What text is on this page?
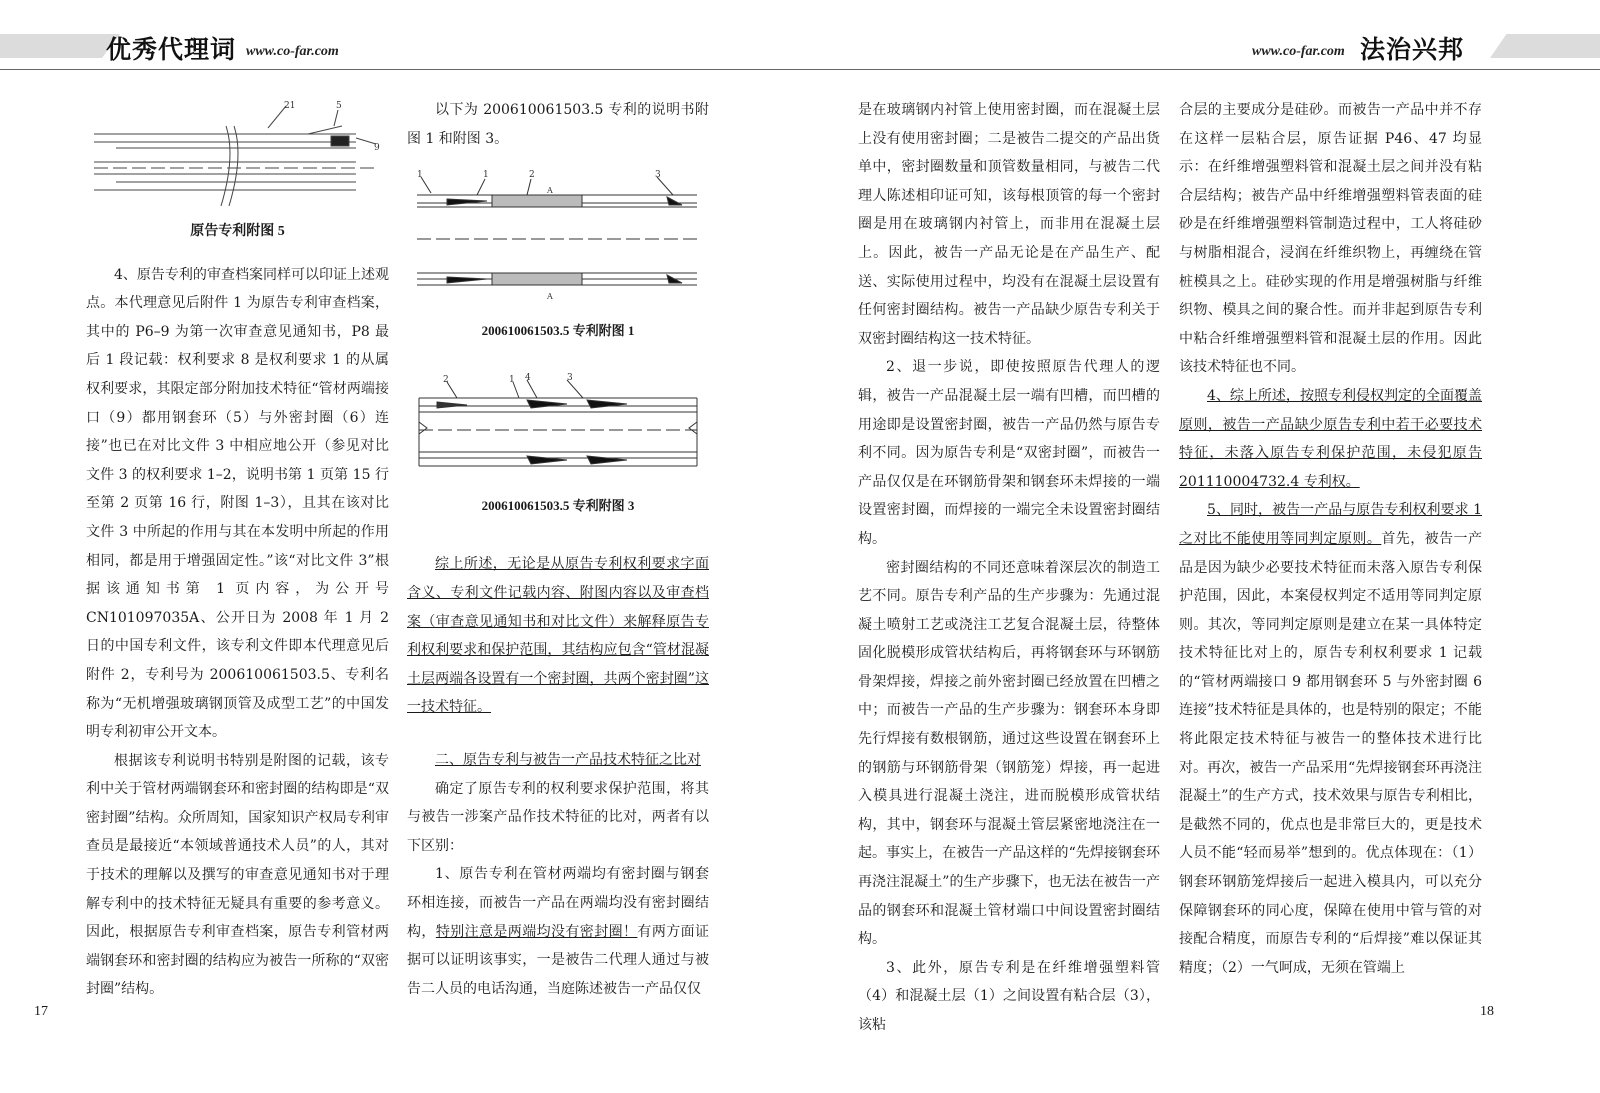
优秀代理词 www.co-far.com	www.co-far.com 法治兴邦
21	5
9
原告专利附图 5

4、原告专利的审查档案同样可以印证上述观点。本代理意见后附件 1 为原告专利审查档案，其中的 P6–9 为第一次审查意见通知书，P8 最后 1 段记载：权利要求 8 是权利要求 1 的从属权利要求，其限定部分附加技术特征“管材两端接口（9）都用钢套环（5）与外密封圈（6）连接”也已在对比文件 3 中相应地公开（参见对比文件 3 的权利要求 1–2，说明书第 1 页第 15 行至第 2 页第 16 行，附图 1–3），且其在该对比文件 3 中所起的作用与其在本发明中所起的作用相同，都是用于增强固定性。”该“对比文件 3”根据该通知书第 1 页内容，为公开号 CN101097035A、公开日为 2008 年 1 月 2 日的中国专利文件，该专利文件即本代理意见后附件 2，专利号为 200610061503.5、专利名称为“无机增强玻璃钢顶管及成型工艺”的中国发明专利初审公开文本。

根据该专利说明书特别是附图的记载，该专利中关于管材两端钢套环和密封圈的结构即是“双密封圈”结构。众所周知，国家知识产权局专利审查员是最接近“本领域普通技术人员”的人，其对于技术的理解以及撰写的审查意见通知书对于理解专利中的技术特征无疑具有重要的参考意义。因此，根据原告专利审查档案，原告专利管材两端钢套环和密封圈的结构应为被告一所称的“双密封圈”结构。

以下为 200610061503.5 专利的说明书附图 1 和附图 3。

1	1	2
A
3
A
200610061503.5 专利附图 1
2	1 4	3
200610061503.5 专利附图 3

综上所述，无论是从原告专利权利要求字面含义、专利文件记载内容、附图内容以及审查档案（审查意见通知书和对比文件）来解释原告专利权利要求和保护范围，其结构应包含“管材混凝土层两端各设置有一个密封圈，共两个密封圈”这一技术特征。

二、原告专利与被告一产品技术特征之比对

确定了原告专利的权利要求保护范围，将其与被告一涉案产品作技术特征的比对，两者有以下区别：

1、原告专利在管材两端均有密封圈与钢套环相连接，而被告一产品在两端均没有密封圈结构，特别注意是两端均没有密封圈！有两方面证据可以证明该事实，一是被告二代理人通过与被告二人员的电话沟通，当庭陈述被告一产品仅仅

是在玻璃钢内衬管上使用密封圈，而在混凝土层上没有使用密封圈；二是被告二提交的产品出货单中，密封圈数量和顶管数量相同，与被告二代理人陈述相印证可知，该每根顶管的每一个密封圈是用在玻璃钢内衬管上，而非用在混凝土层上。因此，被告一产品无论是在产品生产、配送、实际使用过程中，均没有在混凝土层设置有任何密封圈结构。被告一产品缺少原告专利关于双密封圈结构这一技术特征。

2、退一步说，即使按照原告代理人的逻辑，被告一产品混凝土层一端有凹槽，而凹槽的用途即是设置密封圈，被告一产品仍然与原告专利不同。因为原告专利是“双密封圈”，而被告一产品仅仅是在环钢筋骨架和钢套环未焊接的一端设置密封圈，而焊接的一端完全未设置密封圈结构。

密封圈结构的不同还意味着深层次的制造工艺不同。原告专利产品的生产步骤为：先通过混凝土喷射工艺或浇注工艺复合混凝土层，待整体固化脱模形成管状结构后，再将钢套环与环钢筋骨架焊接，焊接之前外密封圈已经放置在凹槽之中；而被告一产品的生产步骤为：钢套环本身即先行焊接有数根钢筋，通过这些设置在钢套环上的钢筋与环钢筋骨架（钢筋笼）焊接，再一起进入模具进行混凝土浇注，进而脱模形成管状结构，其中，钢套环与混凝土管层紧密地浇注在一起。事实上，在被告一产品这样的“先焊接钢套环再浇注混凝土”的生产步骤下，也无法在被告一产品的钢套环和混凝土管材端口中间设置密封圈结构。

3、此外，原告专利是在纤维增强塑料管（4）和混凝土层（1）之间设置有粘合层（3），该粘

合层的主要成分是硅砂。而被告一产品中并不存在这样一层粘合层，原告证据 P46、47 均显示：在纤维增强塑料管和混凝土层之间并没有粘合层结构；被告产品中纤维增强塑料管表面的硅砂是在纤维增强塑料管制造过程中，工人将硅砂与树脂相混合，浸润在纤维织物上，再缠绕在管桩模具之上。硅砂实现的作用是增强树脂与纤维织物、模具之间的聚合性。而并非起到原告专利中粘合纤维增强塑料管和混凝土层的作用。因此该技术特征也不同。

4、综上所述，按照专利侵权判定的全面覆盖原则，被告一产品缺少原告专利中若干必要技术特征，未落入原告专利保护范围，未侵犯原告 201110004732.4 专利权。

5、同时，被告一产品与原告专利权利要求 1 之对比不能使用等同判定原则。首先，被告一产品是因为缺少必要技术特征而未落入原告专利保护范围，因此，本案侵权判定不适用等同判定原则。其次，等同判定原则是建立在某一具体特定技术特征比对上的，原告专利权利要求 1 记载的“管材两端接口 9 都用钢套环 5 与外密封圈 6 连接”技术特征是具体的，也是特别的限定；不能将此限定技术特征与被告一的整体技术进行比对。再次，被告一产品采用“先焊接钢套环再浇注混凝土”的生产方式，技术效果与原告专利相比，是截然不同的，优点也是非常巨大的，更是技术人员不能“轻而易举”想到的。优点体现在：（1）钢套环钢筋笼焊接后一起进入模具内，可以充分保障钢套环的同心度，保障在使用中管与管的对接配合精度，而原告专利的“后焊接”难以保证其精度；（2）一气呵成，无须在管端上

17	18
